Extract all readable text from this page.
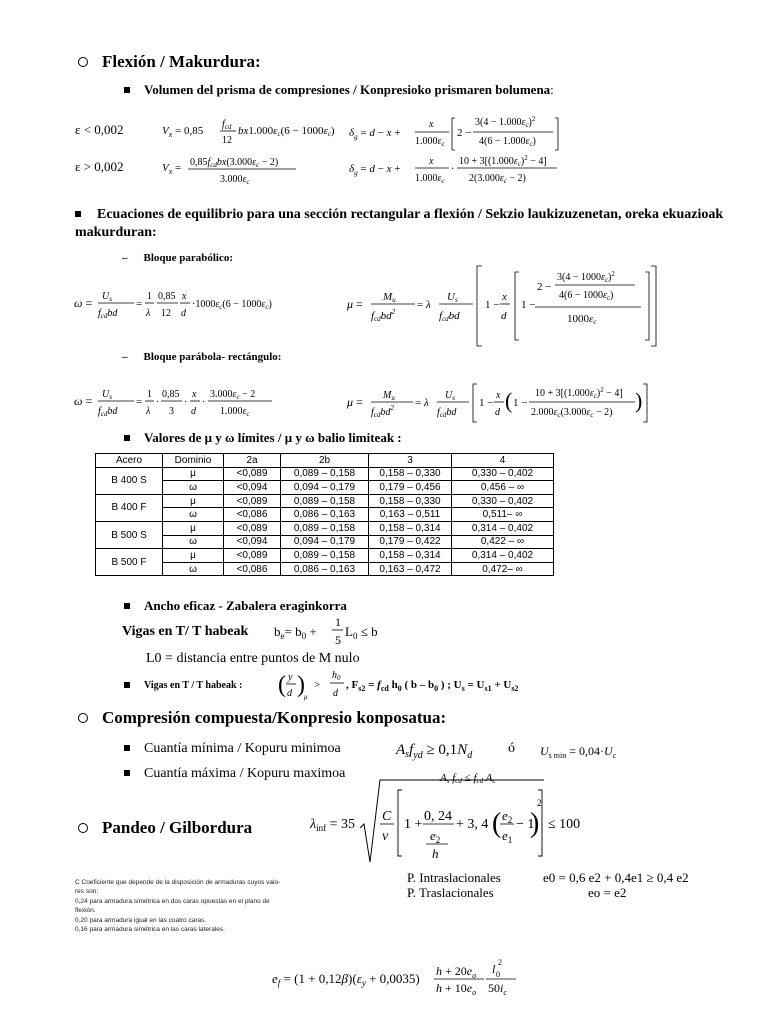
Flexión / Makurdura:
Volumen del prisma de compresiones / Konpresioko prismaren bolumena:
ε < 0,002
ε > 0,002
$V_x = 0,85$
$f_{cd}$
12
bx1.000εc(6 − 1000εc) $\delta_g = d - x$ +
x
$1.000\varepsilon_c$
2 −
$3(4 - 1.000\varepsilon_c)^2$
$4(6 - 1.000\varepsilon_c)$
$V_x = 0,85f_{cd}bx(3.000\varepsilon_c - 2)$
$3.000\varepsilon_c$
$\delta_g = d - x$ +
x
$1.000\varepsilon_c$
·
$10 + 3[(1.000\varepsilon_c)^2 - 4]$
$2(3.000\varepsilon_c - 2)$
Ecuaciones de equilibrio para una sección rectangular a flexión / Sekzio laukizuzenetan, oreka ekuazioak makurduran:
– Bloque parabólico:
$\omega = U_s$
$f_{cd}bd$
=
1
λ
0,85
12
x
d
$\cdot 1000\varepsilon_c(6 - 1000\varepsilon_c)$	μ = Mu
fcdbd$^2$
= λ
Us
fcdbd
1 −
x
d
1 −
2 −
$3(4 - 1000\varepsilon_c)^2$
$4(6 - 1000\varepsilon_c)$
1000εc
– Bloque parábola- rectángulo:
$\omega = U_s$
$f_{cd}bd$
=
1
λ
·
0,85
3
·
x
d
·
$3.000\varepsilon_c - 2$
$1.000\varepsilon_c$
$\mu = M_u$
$f_{cd}bd^2 = \lambda$
$U_s$
$f_{cd}bd$
1 −
x
d ( 1 −
$10 + 3[(1.000\varepsilon_c)^2 - 4]$
$2.000\varepsilon_c(3.000\varepsilon_c - 2)$ )
Valores de μ y ω límites / μ y ω balio limiteak :
Acero	Dominio	2a	2b	3	4
B 400 S	μ	<0,089	0,089 – 0,158	0,158 – 0,330	0,330 – 0,402
	ω	<0,094	0,094 – 0,179	0,179 – 0,456	0,456 – ∞
B 400 F	μ	<0,089	0,089 – 0,158	0,158 – 0,330	0,330 – 0,402
	ω	<0,086	0,086 – 0,163	0,163 – 0,511	0,511– ∞
B 500 S	μ	<0,089	0,089 – 0,158	0,158 – 0,314	0,314 – 0,402
	ω	<0,094	0,094 – 0,179	0,179 – 0,422	0,422 – ∞
B 500 F	μ	<0,089	0,089 – 0,158	0,158 – 0,314	0,314 – 0,402
	ω	<0,086	0,086 – 0,163	0,163 – 0,472	0,472– ∞
Ancho eficaz - Zabalera eraginkorra
Vigas en T/ T habeak $b_e= b_0$ +
1
5
$L_0 \le b$
L0 = distancia entre puntos de M nulo
Vigas en T / T habeak : ( y
d ) μ
>
$h_0$
d
, $F_{s2} = f_{cd}$ $h_0$ ( b – $b_0$ ) ; $U_s = U_{s1} + U_{s2}$
Compresión compuesta/Konpresio konposatua:
Cuantía mínima / Kopuru minimoa	$A_sf_{yd} \ge 0,1N_d$	ó $U_{s min} = 0,04\cdot U_c$
Cuantía máxima / Kopuru maximoa	As fcd ≤ fcd Ac
Pandeo / Gilbordura	$\lambda_{inf} = 35$
C
ν
1 +
0, 24
$e_2$
h
+ 3, 4 ( $e_2$
$e_1$
− 1
)
2
≤ 100
P. Intraslacionales
P. Traslacionales
e0 = 0,6 e2 + 0,4e1 ≥ 0,4 e2
eo = e2
C Coeficiente que depende de la disposición de armaduras cuyos valo-
res son:
0,24 para armadura simétrica en dos caras opuestas en el plano de
flexión.
0,20 para armadura igual en las cuatro caras.
0,16 para armadura simétrica en las caras laterales.
$e_f = (1 + 0,12\beta)(\varepsilon_y + 0,0035) h + 20e_o$
$h + 10e_o$
l 2
0
$50i_c$
